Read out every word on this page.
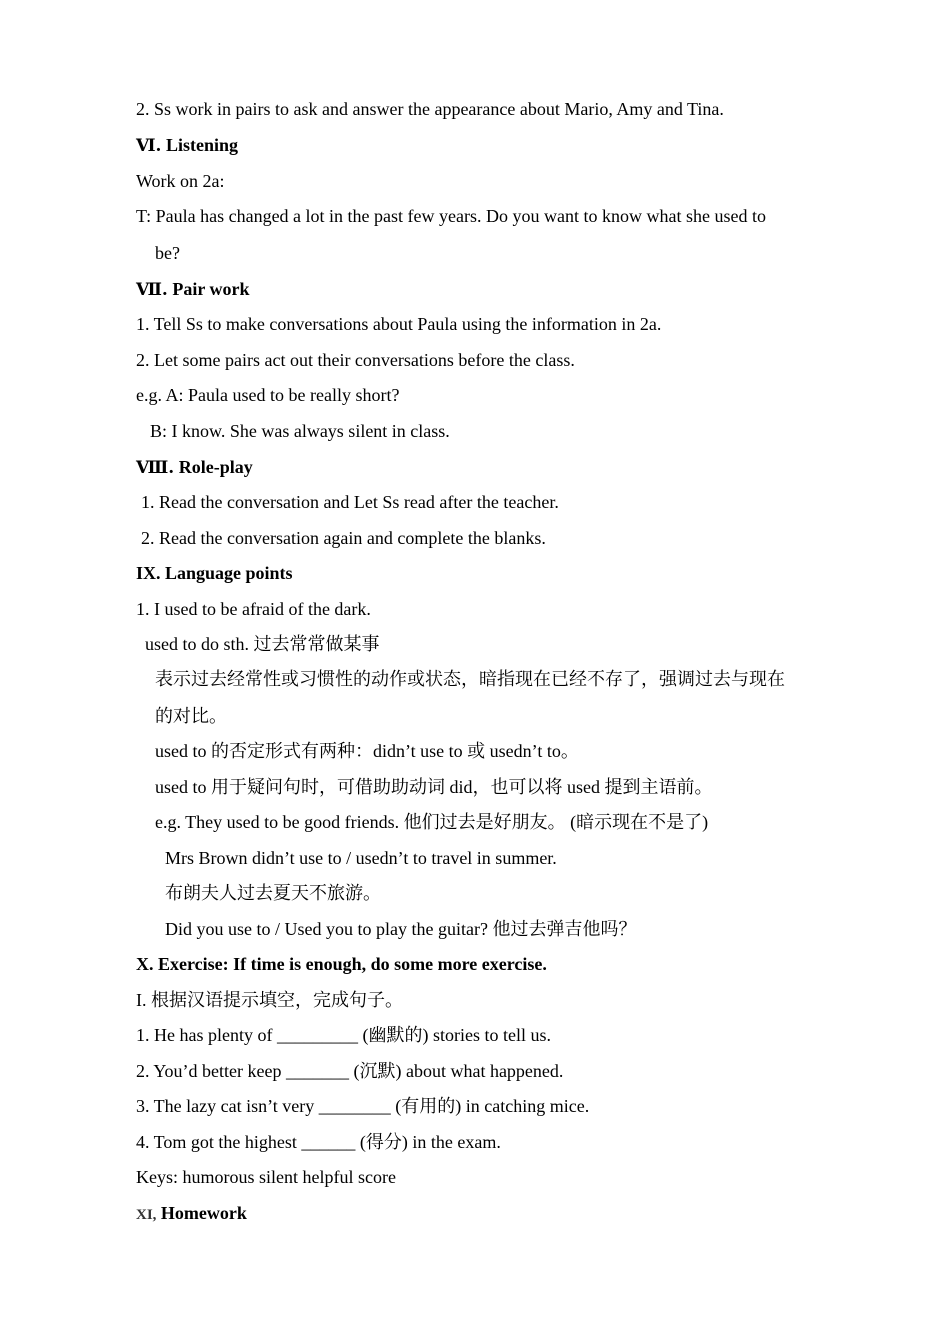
2. Ss work in pairs to ask and answer the appearance about Mario, Amy and Tina.
Ⅵ. Listening
Work on 2a:
T: Paula has changed a lot in the past few years. Do you want to know what she used to
be?
Ⅶ. Pair work
1. Tell Ss to make conversations about Paula using the information in 2a.
2. Let some pairs act out their conversations before the class.
e.g. A: Paula used to be really short?
B: I know. She was always silent in class.
Ⅷ. Role-play
1. Read the conversation and Let Ss read after the teacher.
2. Read the conversation again and complete the blanks.
IX. Language points
1. I used to be afraid of the dark.
used to do sth. 过去常常做某事
表示过去经常性或习惯性的动作或状态，暗指现在已经不存了，强调过去与现在
的对比。
used to 的否定形式有两种：didn’t use to 或 usedn’t to。
used to 用于疑问句时，可借助助动词 did，也可以将 used 提到主语前。
e.g. They used to be good friends. 他们过去是好朋友。 (暗示现在不是了)
Mrs Brown didn’t use to / usedn’t to travel in summer.
布朗夫人过去夏天不旅游。
Did you use to / Used you to play the guitar? 他过去弹吉他吗？
X. Exercise: If time is enough, do some more exercise.
I. 根据汉语提示填空，完成句子。
1. He has plenty of _________ (幽默的) stories to tell us.
2. You’d better keep _______ (沉默) about what happened.
3. The lazy cat isn’t very ________ (有用的) in catching mice.
4. Tom got the highest ______ (得分) in the exam.
Keys: humorous silent helpful score
XI, Homework
